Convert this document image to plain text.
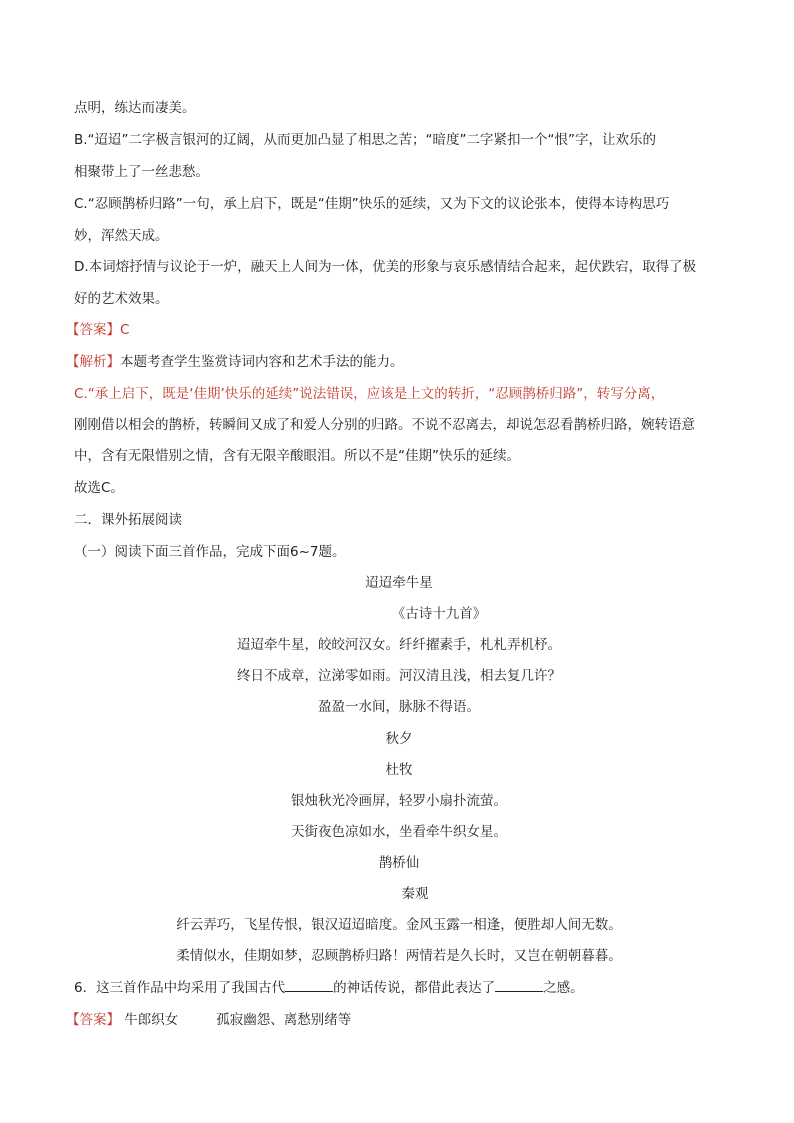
点明，练达而凄美。
B.“迢迢”二字极言银河的辽阔，从而更加凸显了相思之苦；“暗度”二字紧扣一个“恨”字，让欢乐的
相聚带上了一丝悲愁。
C.“忍顾鹊桥归路”一句，承上启下，既是“佳期”快乐的延续，又为下文的议论张本，使得本诗构思巧
妙，浑然天成。
D.本词熔抒情与议论于一炉，融天上人间为一体，优美的形象与哀乐感情结合起来，起伏跌宕，取得了极
好的艺术效果。
【答案】C
【解析】本题考查学生鉴赏诗词内容和艺术手法的能力。
C.“承上启下，既是‘佳期’快乐的延续”说法错误，应该是上文的转折，“忍顾鹊桥归路”，转写分离，
刚刚借以相会的鹊桥，转瞬间又成了和爱人分别的归路。不说不忍离去，却说怎忍看鹊桥归路，婉转语意
中，含有无限惜别之情，含有无限辛酸眼泪。所以不是“佳期”快乐的延续。
故选C。
二．课外拓展阅读
（一）阅读下面三首作品，完成下面6~7题。
迢迢牵牛星
《古诗十九首》
迢迢牵牛星，皎皎河汉女。纤纤擢素手，札札弄机杼。
终日不成章，泣涕零如雨。河汉清且浅，相去复几许？
盈盈一水间，脉脉不得语。
秋夕
杜牧
银烛秋光冷画屏，轻罗小扇扑流萤。
天街夜色凉如水，坐看牵牛织女星。
鹊桥仙
秦观
纤云弄巧，飞星传恨，银汉迢迢暗度。金风玉露一相逢，便胜却人间无数。
柔情似水，佳期如梦，忍顾鹊桥归路！两情若是久长时，又岂在朝朝暮暮。
6．这三首作品中均采用了我国古代	的神话传说，都借此表达了	之感。
【答案】 牛郎织女	孤寂幽怨、离愁别绪等
